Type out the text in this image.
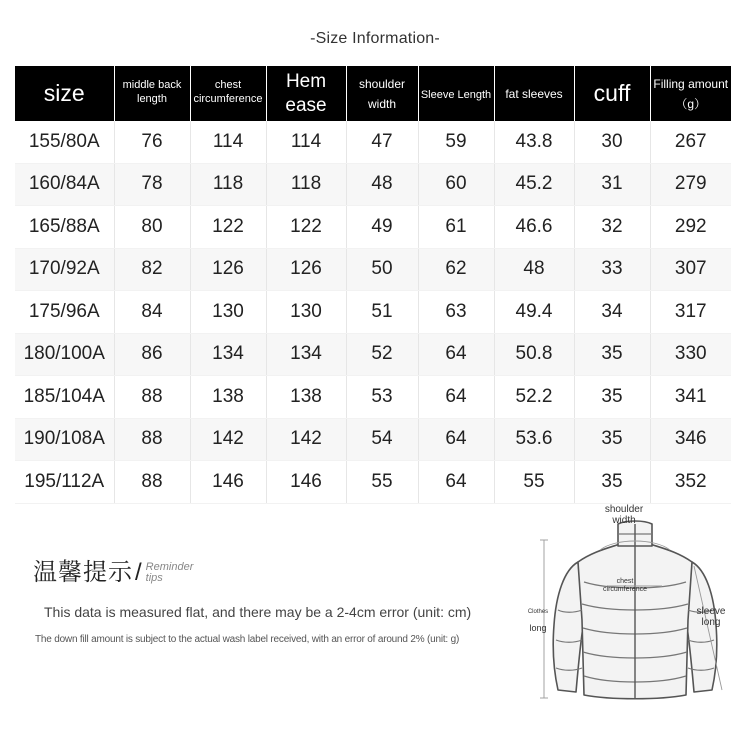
-Size Information-
size	middle back length	chest circumference	Hem ease	shoulder width	Sleeve Length	fat sleeves	cuff	Filling amount （g）
155/80A	76	114	114	47	59	43.8	30	267
160/84A	78	118	118	48	60	45.2	31	279
165/88A	80	122	122	49	61	46.6	32	292
170/92A	82	126	126	50	62	48	33	307
175/96A	84	130	130	51	63	49.4	34	317
180/100A	86	134	134	52	64	50.8	35	330
185/104A	88	138	138	53	64	52.2	35	341
190/108A	88	142	142	54	64	53.6	35	346
195/112A	88	146	146	55	64	55	35	352
温馨提示 / Reminder
tips
This data is measured flat, and there may be a 2-4cm error (unit: cm)
The down fill amount is subject to the actual wash label received, with an error of around 2% (unit: g)
shoulder width
chest circumference
Clothes
long
sleeve
long
